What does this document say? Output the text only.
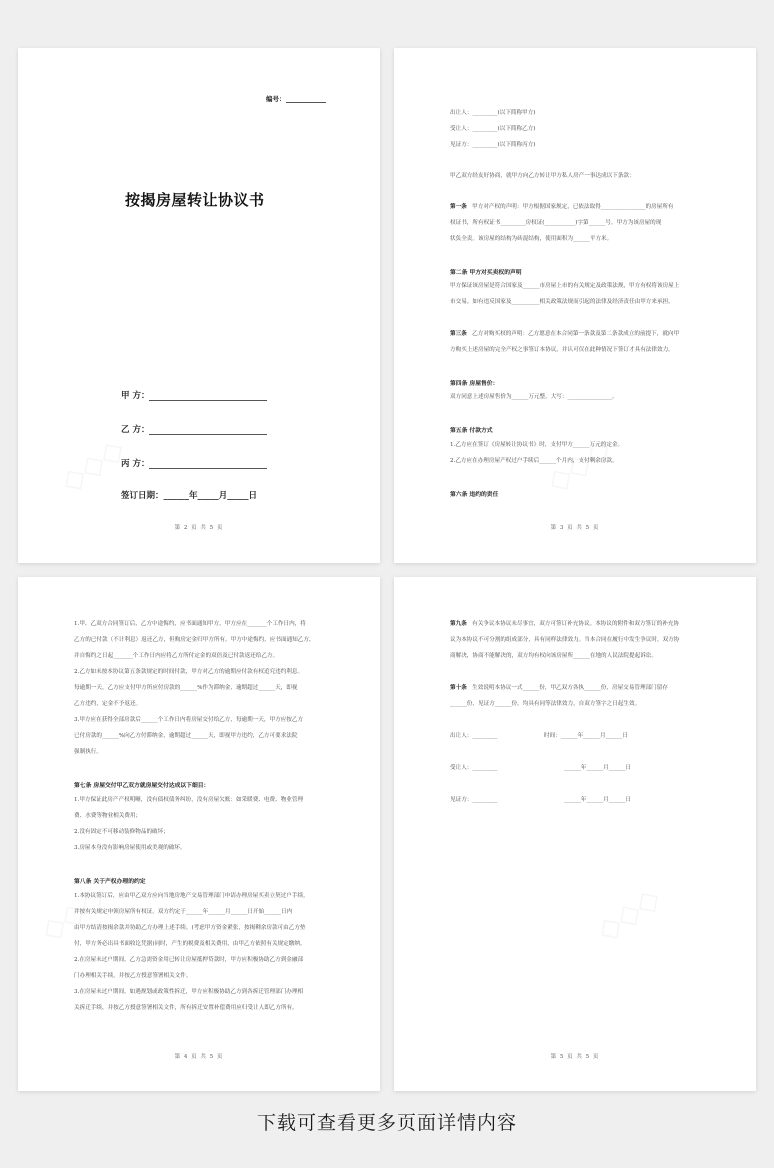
编号：
按揭房屋转让协议书
甲 方：
乙 方：
丙 方：
签订日期：______年_____月_____日
第 2 页 共 5 页
出让人：_________(以下简称甲方)
受让人：_________(以下简称乙方)
见证方：_________(以下简称丙方)
甲乙双方经友好协商，就甲方向乙方转让甲方私人房产一事达成以下条款：
第一条 甲方对产权的声明：甲方根据国家规定，已依法取得________________的房屋所有
权证书，所有权证书_________房权证(___________)字第______号。甲方为该房屋的现
状负全责。该房屋的结构为砖混结构，使用面积为______平方米。
第二条 甲方对买卖权的声明
甲方保证该房屋是符合国家及______市房屋上市的有关规定及政策法规，甲方有权将该房屋上
市交易。如有违反国家及__________相关政策法规而引起的法律及经济责任由甲方来承担。
第三条 乙方对购买权的声明：乙方愿意在本合同第一条款及第二条款成立的前提下，就向甲
方购买上述房屋的完全产权之事签订本协议，并认可仅在此种情况下签订才具有法律效力。
第四条 房屋售价：
双方同意上述房屋售价为______万元整，大写：________________。
第五条 付款方式
1.乙方应在签订《房屋转让协议书》时，支付甲方______万元的定金。
2.乙方应在办理房屋产权过户手续后______个月内，支付剩余房款。
第六条 违约的责任
第 3 页 共 5 页
1.甲、乙双方合同签订后，乙方中途悔约，应书面通知甲方，甲方应在_______个工作日内，将
乙方的已付款（不计利息）返还乙方，但购房定金归甲方所有。甲方中途悔约，应书面通知乙方，
并自悔约之日起_______个工作日内应将乙方所付定金的双倍及已付款返还给乙方。
2.乙方如未按本协议第五条款规定的时间付款，甲方对乙方的逾期应付款有权追究违约利息。
每逾期一天，乙方应支付甲方所应付房款的______%作为滞纳金，逾期超过______天，即视
乙方违约，定金不予返还。
3.甲方应在获得全部房款后______个工作日内将房屋交付给乙方，每逾期一天，甲方应按乙方
已付房款的______%向乙方付滞纳金，逾期超过______天，即视甲方违约，乙方可要求法院
强制执行。
第七条 房屋交付甲乙双方就房屋交付达成以下细目：
1.甲方保证此房产产权明晰，没有债权债务纠纷，没有房屋欠账：如采暖费、电费、物业管理
费、水费等物业相关费用；
2.没有固定不可移动装修物品的破坏；
3.房屋本身没有影响房屋使用或美观的破坏。
第八条 关于产权办理的约定
1.本协议签订后，应由甲乙双方应向当地房地产交易管理部门申请办理房屋买卖立契过户手续，
并按有关规定申领房屋所有权证。双方约定于______年______月______日开始______日内
由甲方结清按揭余款并协助乙方办理上述手续。(考虑甲方资金紧张，按揭剩余房款可由乙方垫
付，甲方务必出具书面收讫凭据)同时，产生的税费及相关费用，由甲乙方依照有关规定缴纳。
2.在房屋未过户期间，乙方急需资金用已转让房屋抵押贷款时，甲方应积极协助乙方到金融部
门办理相关手续，并按乙方授意签署相关文件。
3.在房屋未过户期间，如遇规划或政策性拆迁，甲方应积极协助乙方到各拆迁管理部门办理相
关拆迁手续，并按乙方授意签署相关文件，所有拆迁安置补偿费用应归受让人即乙方所有。
第 4 页 共 5 页
第九条 有关争议本协议未尽事宜，双方可签订补充协议。本协议的附件和双方签订的补充协
议为本协议不可分割的组成部分，具有同样法律效力。当本合同在履行中发生争议时，双方协
商解决，协商不能解决的，双方均有权向该房屋所______在地的人民法院提起诉讼。
第十条 生效说明本协议一式______份，甲乙双方各执______份，房屋交易管理部门留存
______份，见证方______份，均具有同等法律效力，自双方签字之日起生效。
出让人：_________	时间：______年______月______日
受让人：_________	______年______月______日
见证方：_________	______年______月______日
第 5 页 共 5 页
下载可查看更多页面详情内容
